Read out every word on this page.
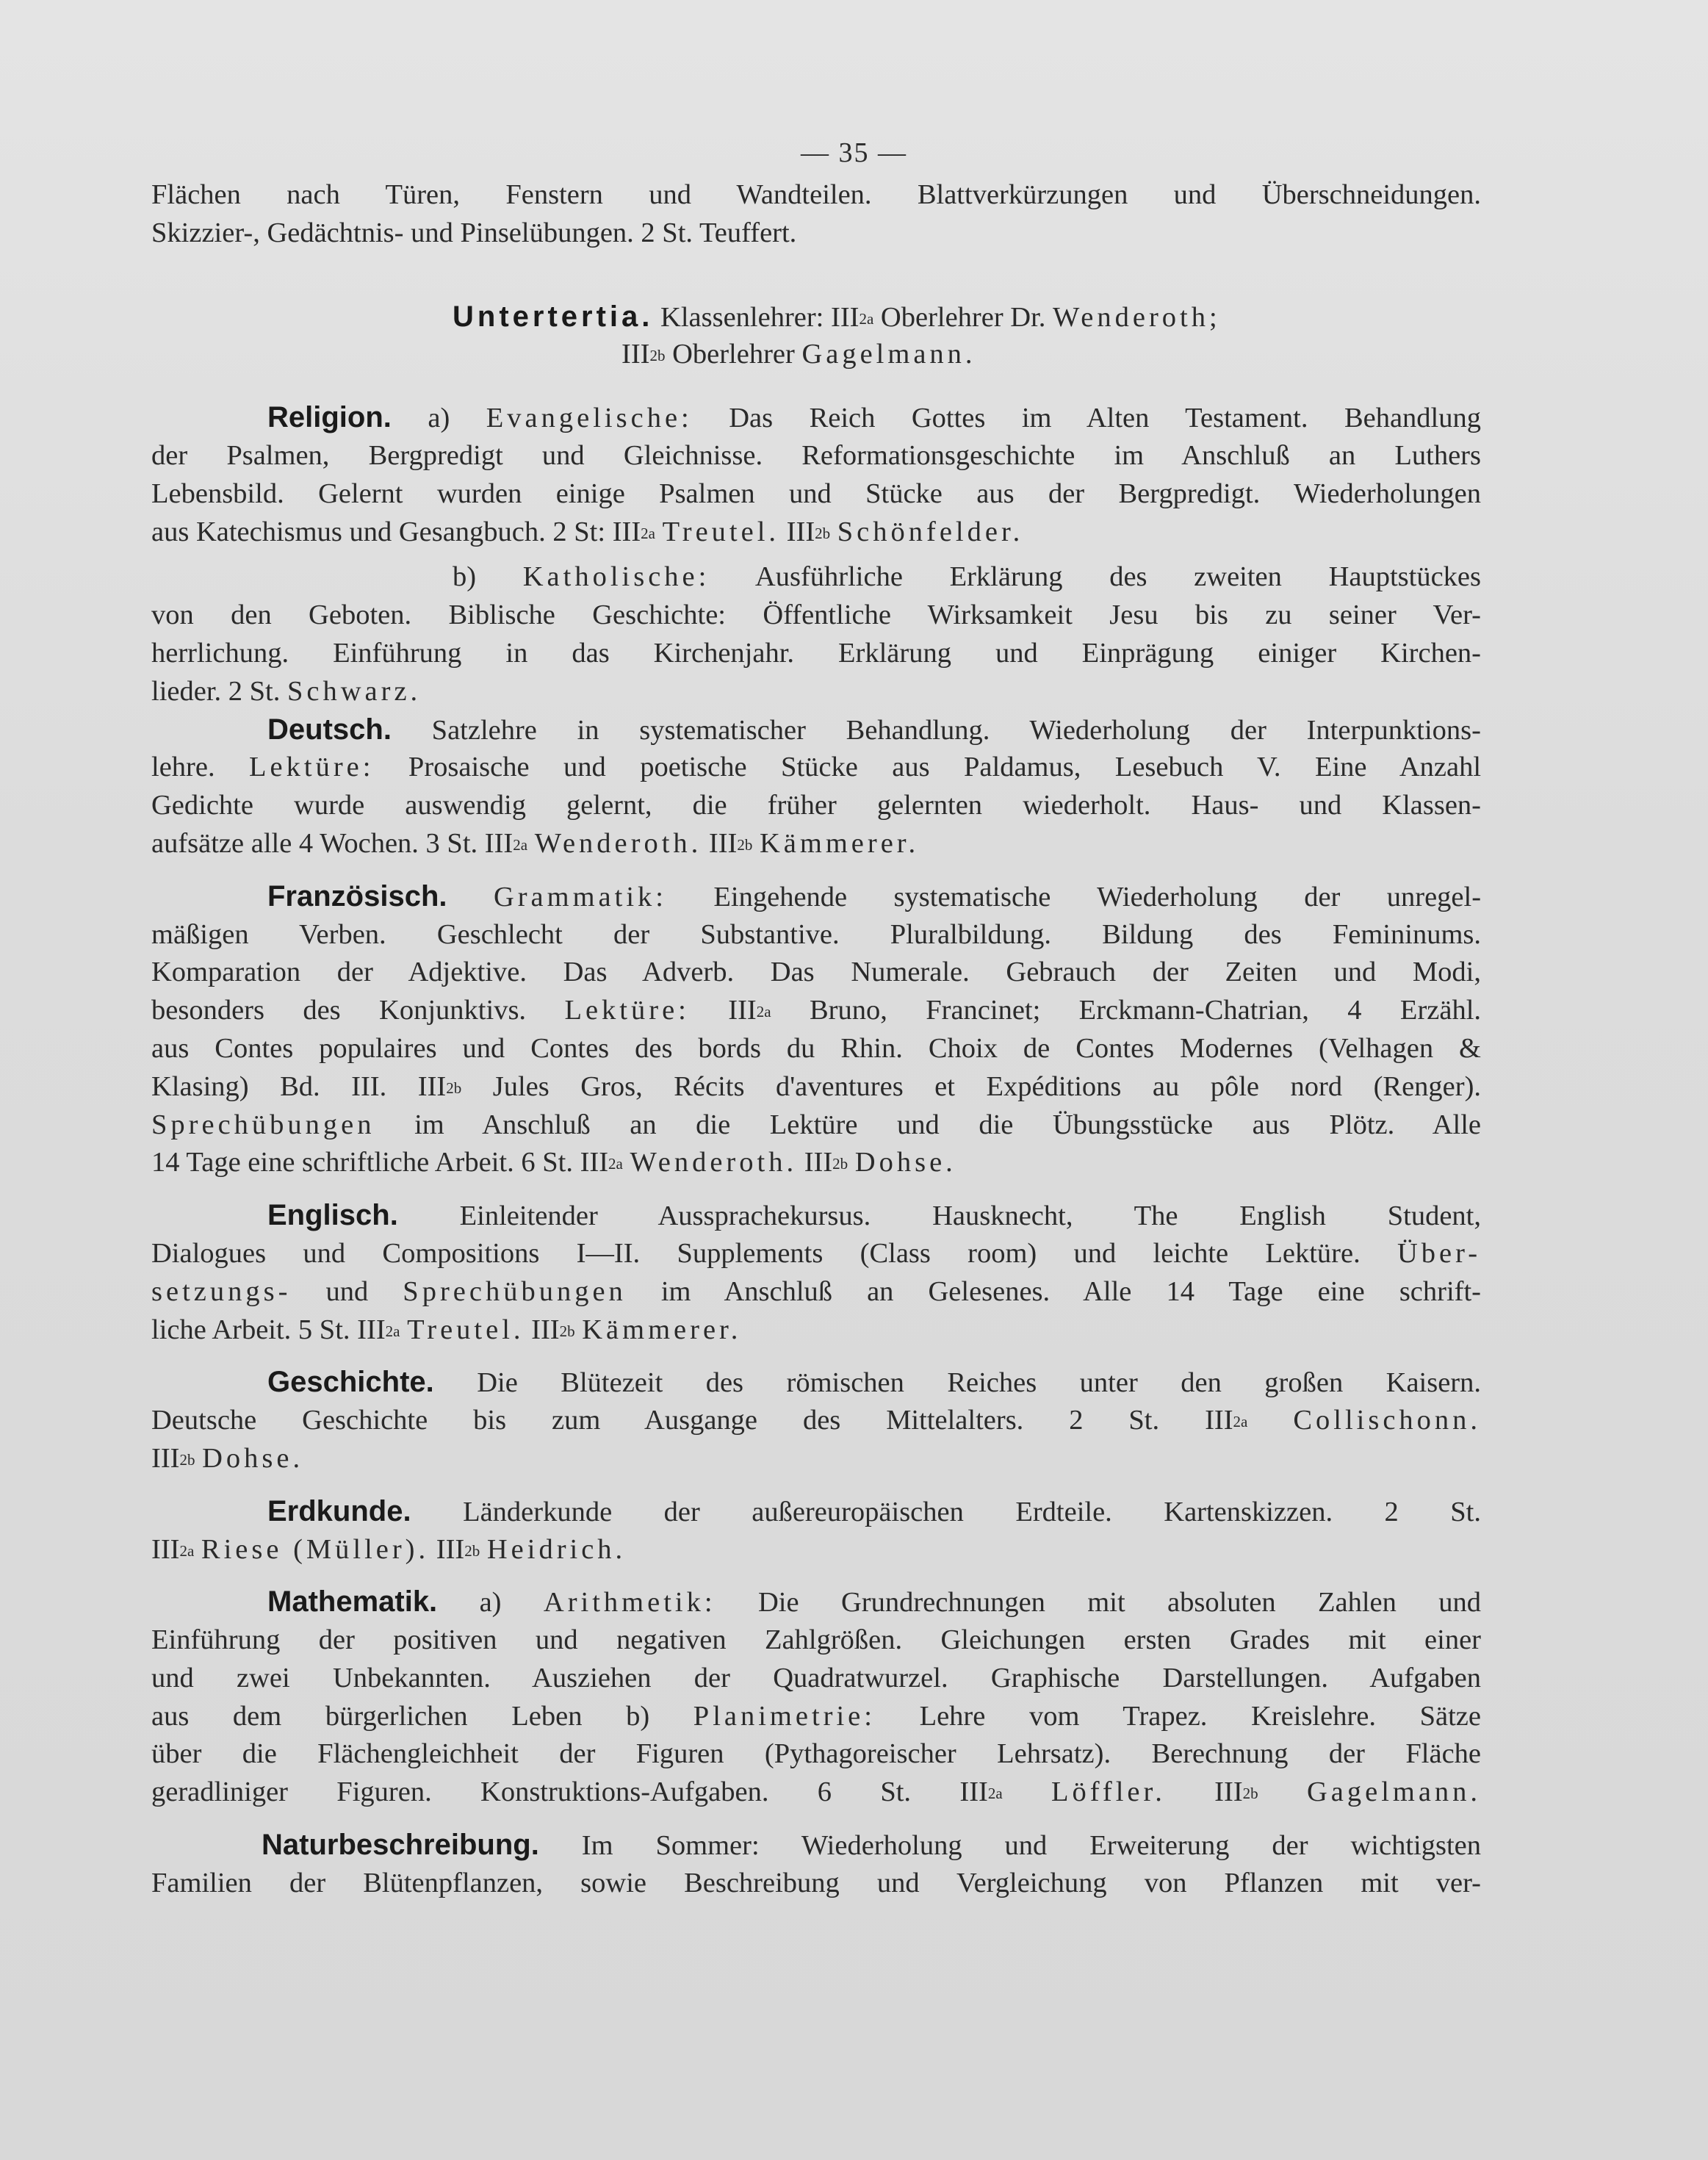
— 35 —
Flächen nach Türen, Fenstern und Wandteilen. Blattverkürzungen und Überschneidungen.
Skizzier-, Gedächtnis- und Pinselübungen. 2 St. Teuffert.
Untertertia. Klassenlehrer: III2a Oberlehrer Dr. Wenderoth;
III2b Oberlehrer Gagelmann.
Religion. a) Evangelische: Das Reich Gottes im Alten Testament. Behandlung
der Psalmen, Bergpredigt und Gleichnisse. Reformationsgeschichte im Anschluß an Luthers
Lebensbild. Gelernt wurden einige Psalmen und Stücke aus der Bergpredigt. Wiederholungen
aus Katechismus und Gesangbuch. 2 St: III2a Treutel. III2b Schönfelder.
b) Katholische: Ausführliche Erklärung des zweiten Hauptstückes
von den Geboten. Biblische Geschichte: Öffentliche Wirksamkeit Jesu bis zu seiner Ver-
herrlichung. Einführung in das Kirchenjahr. Erklärung und Einprägung einiger Kirchen-
lieder. 2 St. Schwarz.
Deutsch. Satzlehre in systematischer Behandlung. Wiederholung der Interpunktions-
lehre. Lektüre: Prosaische und poetische Stücke aus Paldamus, Lesebuch V. Eine Anzahl
Gedichte wurde auswendig gelernt, die früher gelernten wiederholt. Haus- und Klassen-
aufsätze alle 4 Wochen. 3 St. III2a Wenderoth. III2b Kämmerer.
Französisch. Grammatik: Eingehende systematische Wiederholung der unregel-
mäßigen Verben. Geschlecht der Substantive. Pluralbildung. Bildung des Femininums.
Komparation der Adjektive. Das Adverb. Das Numerale. Gebrauch der Zeiten und Modi,
besonders des Konjunktivs. Lektüre: III2a Bruno, Francinet; Erckmann-Chatrian, 4 Erzähl.
aus Contes populaires und Contes des bords du Rhin. Choix de Contes Modernes (Velhagen &
Klasing) Bd. III. III2b Jules Gros, Récits d'aventures et Expéditions au pôle nord (Renger).
Sprechübungen im Anschluß an die Lektüre und die Übungsstücke aus Plötz. Alle
14 Tage eine schriftliche Arbeit. 6 St. III2a Wenderoth. III2b Dohse.
Englisch. Einleitender Aussprachekursus. Hausknecht, The English Student,
Dialogues und Compositions I—II. Supplements (Class room) und leichte Lektüre. Über-
setzungs- und Sprechübungen im Anschluß an Gelesenes. Alle 14 Tage eine schrift-
liche Arbeit. 5 St. III2a Treutel. III2b Kämmerer.
Geschichte. Die Blütezeit des römischen Reiches unter den großen Kaisern.
Deutsche Geschichte bis zum Ausgange des Mittelalters. 2 St. III2a Collischonn.
III2b Dohse.
Erdkunde. Länderkunde der außereuropäischen Erdteile. Kartenskizzen. 2 St.
III2a Riese (Müller). III2b Heidrich.
Mathematik. a) Arithmetik: Die Grundrechnungen mit absoluten Zahlen und
Einführung der positiven und negativen Zahlgrößen. Gleichungen ersten Grades mit einer
und zwei Unbekannten. Ausziehen der Quadratwurzel. Graphische Darstellungen. Aufgaben
aus dem bürgerlichen Leben b) Planimetrie: Lehre vom Trapez. Kreislehre. Sätze
über die Flächengleichheit der Figuren (Pythagoreischer Lehrsatz). Berechnung der Fläche
geradliniger Figuren. Konstruktions-Aufgaben. 6 St. III2a Löffler. III2b Gagelmann.
Naturbeschreibung. Im Sommer: Wiederholung und Erweiterung der wichtigsten
Familien der Blütenpflanzen, sowie Beschreibung und Vergleichung von Pflanzen mit ver-
